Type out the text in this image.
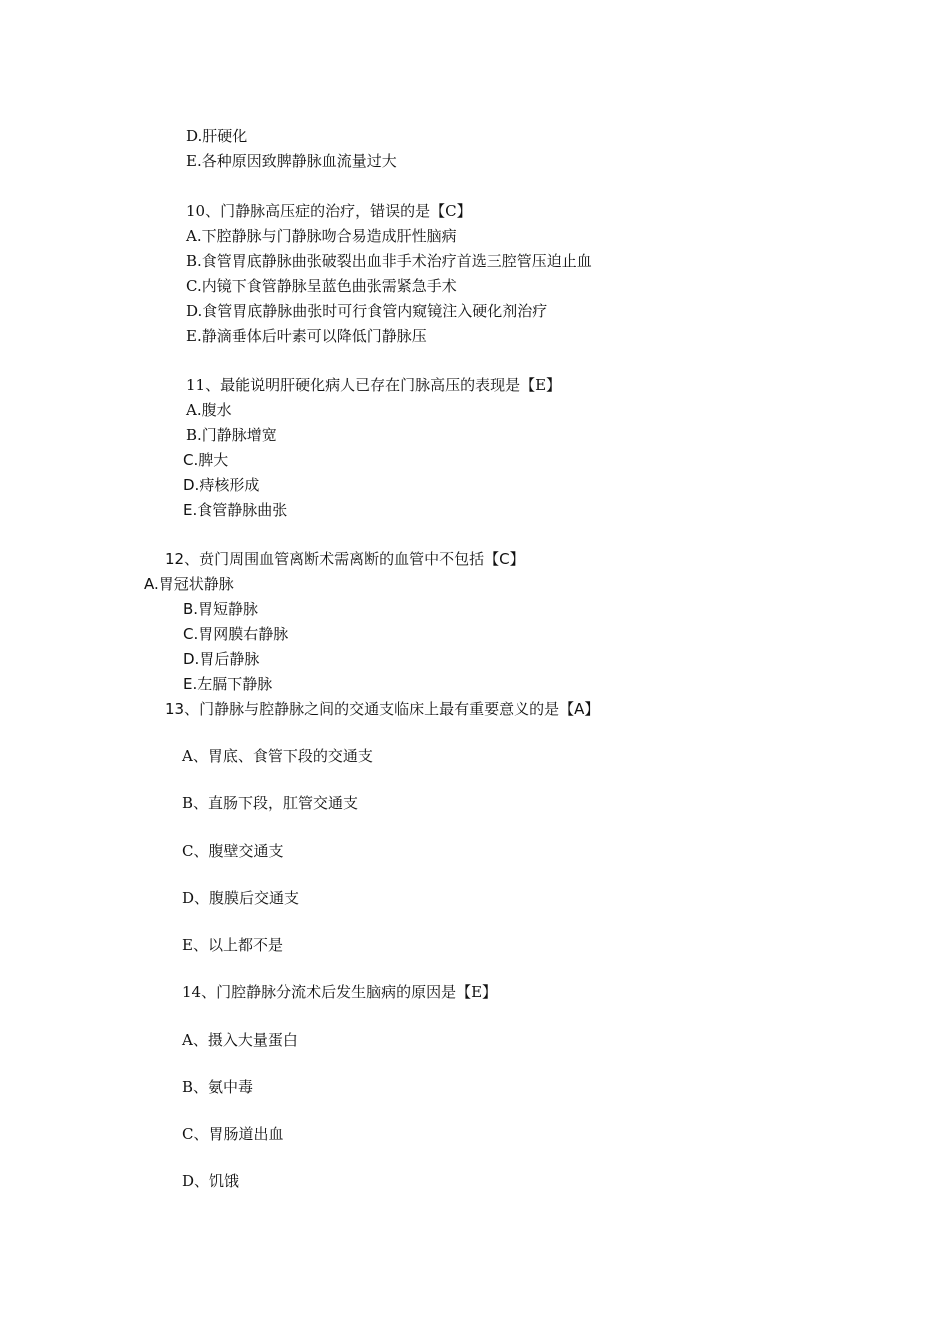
D.肝硬化
E.各种原因致脾静脉血流量过大
10、门静脉高压症的治疗，错误的是【C】
A.下腔静脉与门静脉吻合易造成肝性脑病
B.食管胃底静脉曲张破裂出血非手术治疗首选三腔管压迫止血
C.内镜下食管静脉呈蓝色曲张需紧急手术
D.食管胃底静脉曲张时可行食管内窥镜注入硬化剂治疗
E.静滴垂体后叶素可以降低门静脉压
11、最能说明肝硬化病人已存在门脉高压的表现是【E】
A.腹水
B.门静脉增宽
C.脾大
D.痔核形成
E.食管静脉曲张
12、贲门周围血管离断术需离断的血管中不包括【C】
A.胃冠状静脉
B.胃短静脉
C.胃网膜右静脉
D.胃后静脉
E.左膈下静脉
13、门静脉与腔静脉之间的交通支临床上最有重要意义的是【A】
A、胃底、食管下段的交通支
B、直肠下段，肛管交通支
C、腹壁交通支
D、腹膜后交通支
E、以上都不是
14、门腔静脉分流术后发生脑病的原因是【E】
A、摄入大量蛋白
B、氨中毒
C、胃肠道出血
D、饥饿
